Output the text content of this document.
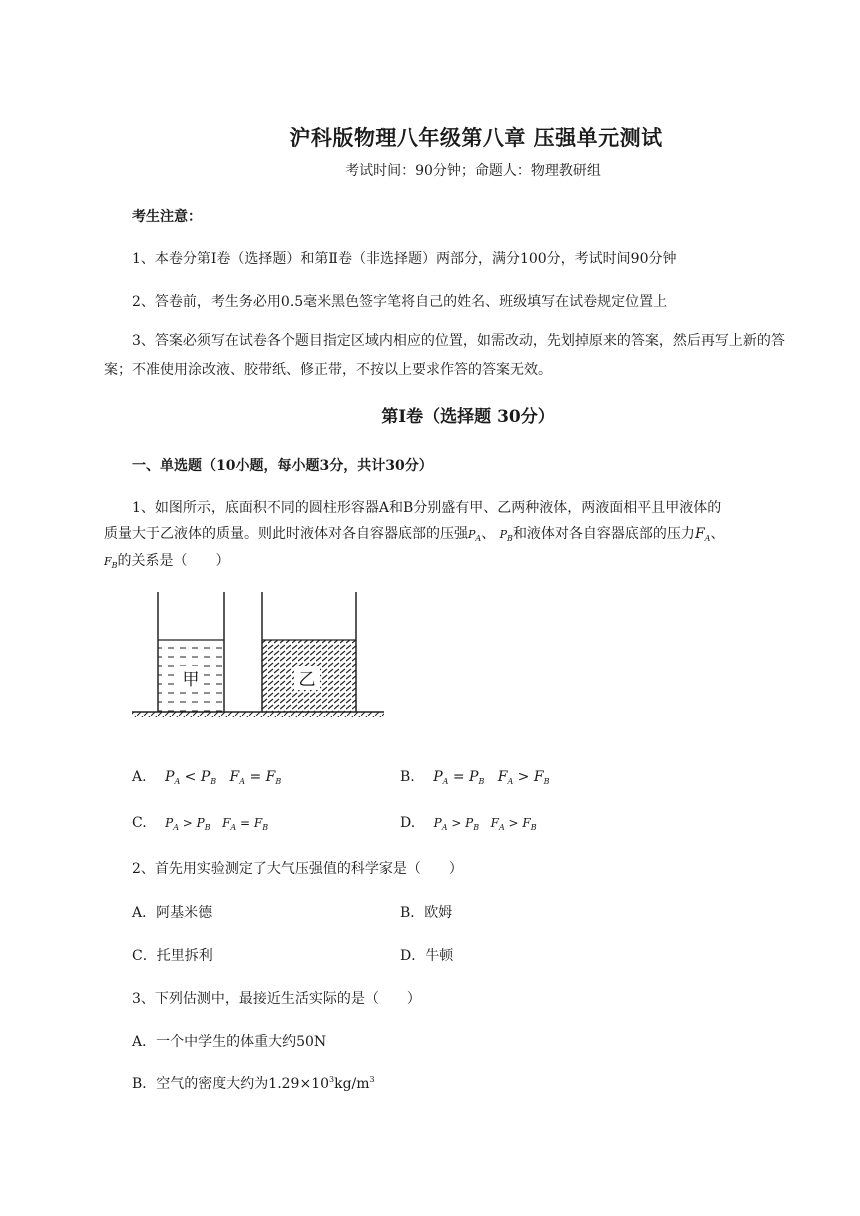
沪科版物理八年级第八章 压强单元测试
考试时间：90分钟；命题人：物理教研组
考生注意：
1、本卷分第Ⅰ卷（选择题）和第Ⅱ卷（非选择题）两部分，满分100分，考试时间90分钟
2、答卷前，考生务必用0.5毫米黑色签字笔将自己的姓名、班级填写在试卷规定位置上
3、答案必须写在试卷各个题目指定区域内相应的位置，如需改动，先划掉原来的答案，然后再写上新的答案；不准使用涂改液、胶带纸、修正带，不按以上要求作答的答案无效。
第Ⅰ卷（选择题 30分）
一、单选题（10小题，每小题3分，共计30分）
1、如图所示，底面积不同的圆柱形容器A和B分别盛有甲、乙两种液体，两液面相平且甲液体的
质量大于乙液体的质量。则此时液体对各自容器底部的压强$P_A$、 $P_B$和液体对各自容器底部的压力$F_A$、
$F_B$的关系是（　　）
甲	乙
A. $P_A < P_B$   $F_A = F_B$	B. $P_A = P_B$   $F_A > F_B$
C. $P_A > P_B$   $F_A = F_B$	D. $P_A > P_B$   $F_A > F_B$
2、首先用实验测定了大气压强值的科学家是（　　）
A．阿基米德	B．欧姆
C．托里拆利	D．牛顿
3、下列估测中，最接近生活实际的是（　　）
A．一个中学生的体重大约50N
B．空气的密度大约为$1.29\times 10^3kg/m^3$
